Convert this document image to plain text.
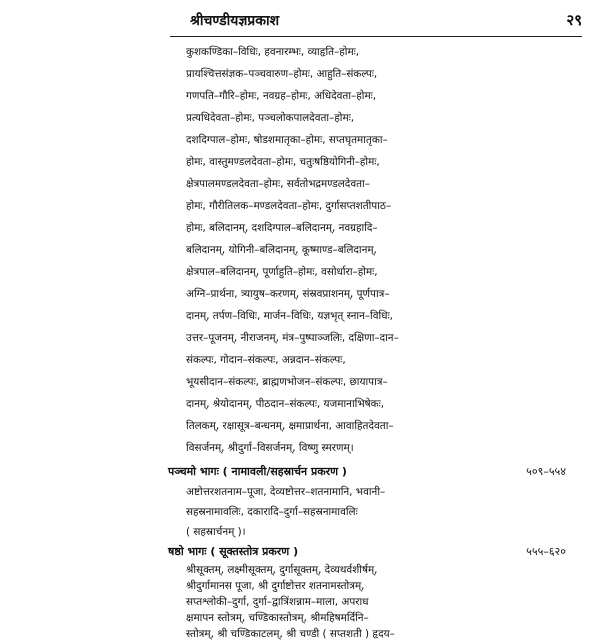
श्रीचण्डीयज्ञप्रकाश	२९
कुशकण्डिका–विधिः, हवनारम्भः, व्याहृति–होमः,
प्रायश्चित्तसंज्ञक–पञ्चवारुण–होमः, आहुति–संकल्पः,
गणपति–गौरि–होमः, नवग्रह–होमः, अधिदेवता–होमः,
प्रत्यधिदेवता–होमः, पञ्चलोकपालदेवता–होमः,
दशदिग्पाल–होमः, षोडशमातृका–होमः, सप्तघृतमातृका–
होमः, वास्तुमण्डलदेवता–होमः, चतुःषष्ठियोगिनी–होमः,
क्षेत्रपालमण्डलदेवता–होमः, सर्वतोभद्रमण्डलदेवता–
होमः, गौरीतिलक–मण्डलदेवता–होमः, दुर्गासप्तशतीपाठ–
होमः, बलिदानम्, दशदिग्पाल–बलिदानम्, नवग्रहादि–
बलिदानम्, योगिनी–बलिदानम्, कूष्माण्ड–बलिदानम्,
क्षेत्रपाल–बलिदानम्, पूर्णाहुति–होमः, वसोर्धारा–होमः,
अग्नि–प्रार्थना, त्र्यायुष–करणम्, संस्रवप्राशनम्, पूर्णपात्र–
दानम्, तर्पण–विधिः, मार्जन–विधिः, यज्ञभृत् स्नान–विधिः,
उत्तर–पूजनम्, नीराजनम्, मंत्र–पुष्पाञ्जलिः, दक्षिणा–दान–
संकल्पः, गोदान–संकल्पः, अन्नदान–संकल्पः,
भूयसीदान–संकल्पः, ब्राह्मणभोजन–संकल्पः, छायापात्र–
दानम्, श्रेयोदानम्, पीठदान–संकल्पः, यजमानाभिषेकः,
तिलकम्, रक्षासूत्र–बन्धनम्, क्षमाप्रार्थना, आवाहितदेवता–
विसर्जनम्, श्रीदुर्गा–विसर्जनम्, विष्णु स्मरणम्।
पञ्चमो भागः ( नामावली/सहस्रार्चन प्रकरण )	५०९–५५४
अष्टोत्तरशतनाम–पूजा, देव्यष्टोत्तर–शतनामानि, भवानी–
सहस्रनामावलिः, दकारादि–दुर्गा–सहस्रनामावलिः
( सहस्रार्चनम् )।
षष्ठो भागः ( सूक्तस्तोत्र प्रकरण )	५५५–६२०
श्रीसूक्तम्, लक्ष्मीसूक्तम्, दुर्गासूक्तम्, देव्यथर्वशीर्षम्,
श्रीदुर्गामानस पूजा, श्री दुर्गाष्टोत्तर शतनामस्तोत्रम्,
सप्तश्लोकी–दुर्गा, दुर्गा–द्वात्रिंशन्नाम–माला, अपराध
क्षमापन स्तोत्रम्, चण्डिकास्तोत्रम्, श्रीमहिषमर्दिनि–
स्तोत्रम्, श्री चण्डिकाटलम्, श्री चण्डी ( सप्तशती ) हृदय–
